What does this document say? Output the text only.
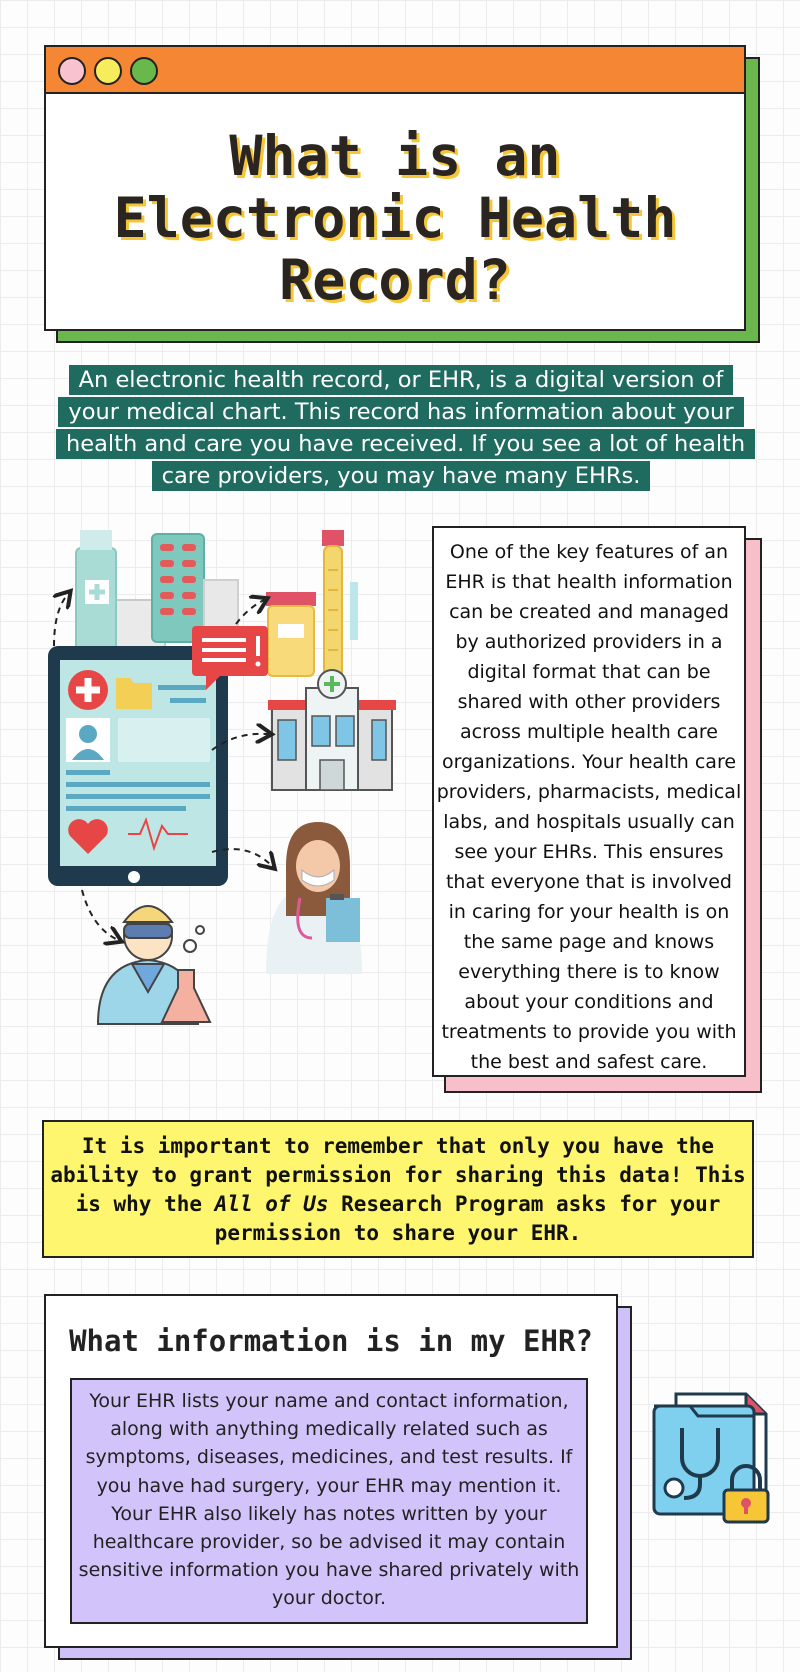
What is an
Electronic Health
Record?
An electronic health record, or EHR, is a digital version of your medical chart. This record has information about your health and care you have received. If you see a lot of health care providers, you may have many EHRs.
One of the key features of an EHR is that health information can be created and managed by authorized providers in a digital format that can be shared with other providers across multiple health care organizations. Your health care providers, pharmacists, medical labs, and hospitals usually can see your EHRs. This ensures that everyone that is involved in caring for your health is on the same page and knows everything there is to know about your conditions and treatments to provide you with the best and safest care.
It is important to remember that only you have the ability to grant permission for sharing this data! This is why the All of Us Research Program asks for your permission to share your EHR.
What information is in my EHR?
Your EHR lists your name and contact information, along with anything medically related such as symptoms, diseases, medicines, and test results. If you have had surgery, your EHR may mention it. Your EHR also likely has notes written by your healthcare provider, so be advised it may contain sensitive information you have shared privately with your doctor.
